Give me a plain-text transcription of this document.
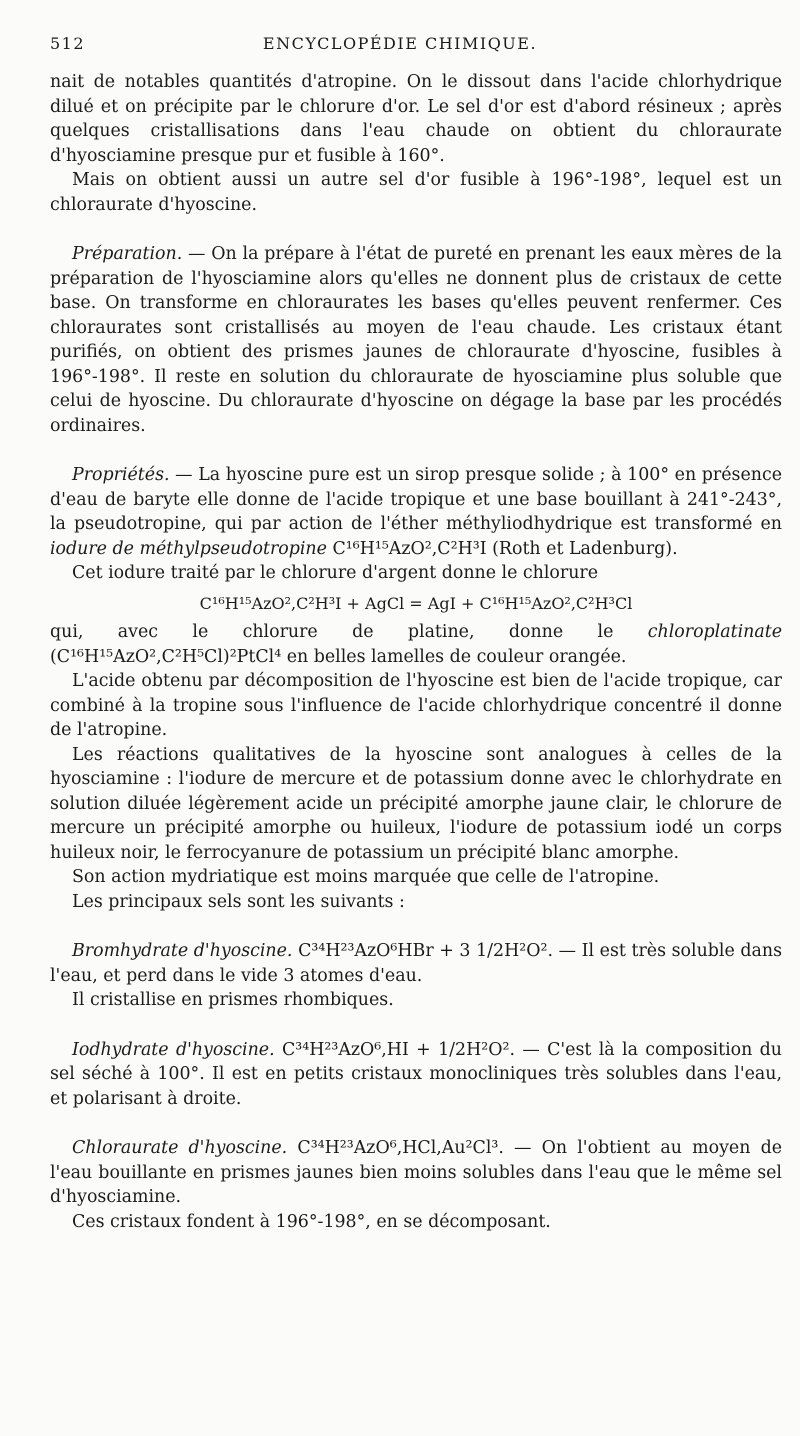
512	ENCYCLOPÉDIE CHIMIQUE.

nait de notables quantités d'atropine. On le dissout dans l'acide chlorhydrique dilué et on précipite par le chlorure d'or. Le sel d'or est d'abord résineux ; après quelques cristallisations dans l'eau chaude on obtient du chloraurate d'hyosciamine presque pur et fusible à 160°.

Mais on obtient aussi un autre sel d'or fusible à 196°-198°, lequel est un chloraurate d'hyoscine.

Préparation. — On la prépare à l'état de pureté en prenant les eaux mères de la préparation de l'hyosciamine alors qu'elles ne donnent plus de cristaux de cette base. On transforme en chloraurates les bases qu'elles peuvent renfermer. Ces chloraurates sont cristallisés au moyen de l'eau chaude. Les cristaux étant purifiés, on obtient des prismes jaunes de chloraurate d'hyoscine, fusibles à 196°-198°. Il reste en solution du chloraurate de hyosciamine plus soluble que celui de hyoscine. Du chloraurate d'hyoscine on dégage la base par les procédés ordinaires.

Propriétés. — La hyoscine pure est un sirop presque solide ; à 100° en présence d'eau de baryte elle donne de l'acide tropique et une base bouillant à 241°-243°, la pseudotropine, qui par action de l'éther méthyliodhydrique est transformé en iodure de méthylpseudotropine C¹⁶H¹⁵AzO²,C²H³I (Roth et Ladenburg).

Cet iodure traité par le chlorure d'argent donne le chlorure

C¹⁶H¹⁵AzO²,C²H³I + AgCl = AgI + C¹⁶H¹⁵AzO²,C²H³Cl

qui, avec le chlorure de platine, donne le chloroplatinate (C¹⁶H¹⁵AzO²,C²H⁵Cl)²PtCl⁴ en belles lamelles de couleur orangée.

L'acide obtenu par décomposition de l'hyoscine est bien de l'acide tropique, car combiné à la tropine sous l'influence de l'acide chlorhydrique concentré il donne de l'atropine.

Les réactions qualitatives de la hyoscine sont analogues à celles de la hyosciamine : l'iodure de mercure et de potassium donne avec le chlorhydrate en solution diluée légèrement acide un précipité amorphe jaune clair, le chlorure de mercure un précipité amorphe ou huileux, l'iodure de potassium iodé un corps huileux noir, le ferrocyanure de potassium un précipité blanc amorphe.

Son action mydriatique est moins marquée que celle de l'atropine.

Les principaux sels sont les suivants :

Bromhydrate d'hyoscine. C³⁴H²³AzO⁶HBr + 3 1/2H²O². — Il est très soluble dans l'eau, et perd dans le vide 3 atomes d'eau.

Il cristallise en prismes rhombiques.

Iodhydrate d'hyoscine. C³⁴H²³AzO⁶,HI + 1/2H²O². — C'est là la composition du sel séché à 100°. Il est en petits cristaux monocliniques très solubles dans l'eau, et polarisant à droite.

Chloraurate d'hyoscine. C³⁴H²³AzO⁶,HCl,Au²Cl³. — On l'obtient au moyen de l'eau bouillante en prismes jaunes bien moins solubles dans l'eau que le même sel d'hyosciamine.

Ces cristaux fondent à 196°-198°, en se décomposant.
